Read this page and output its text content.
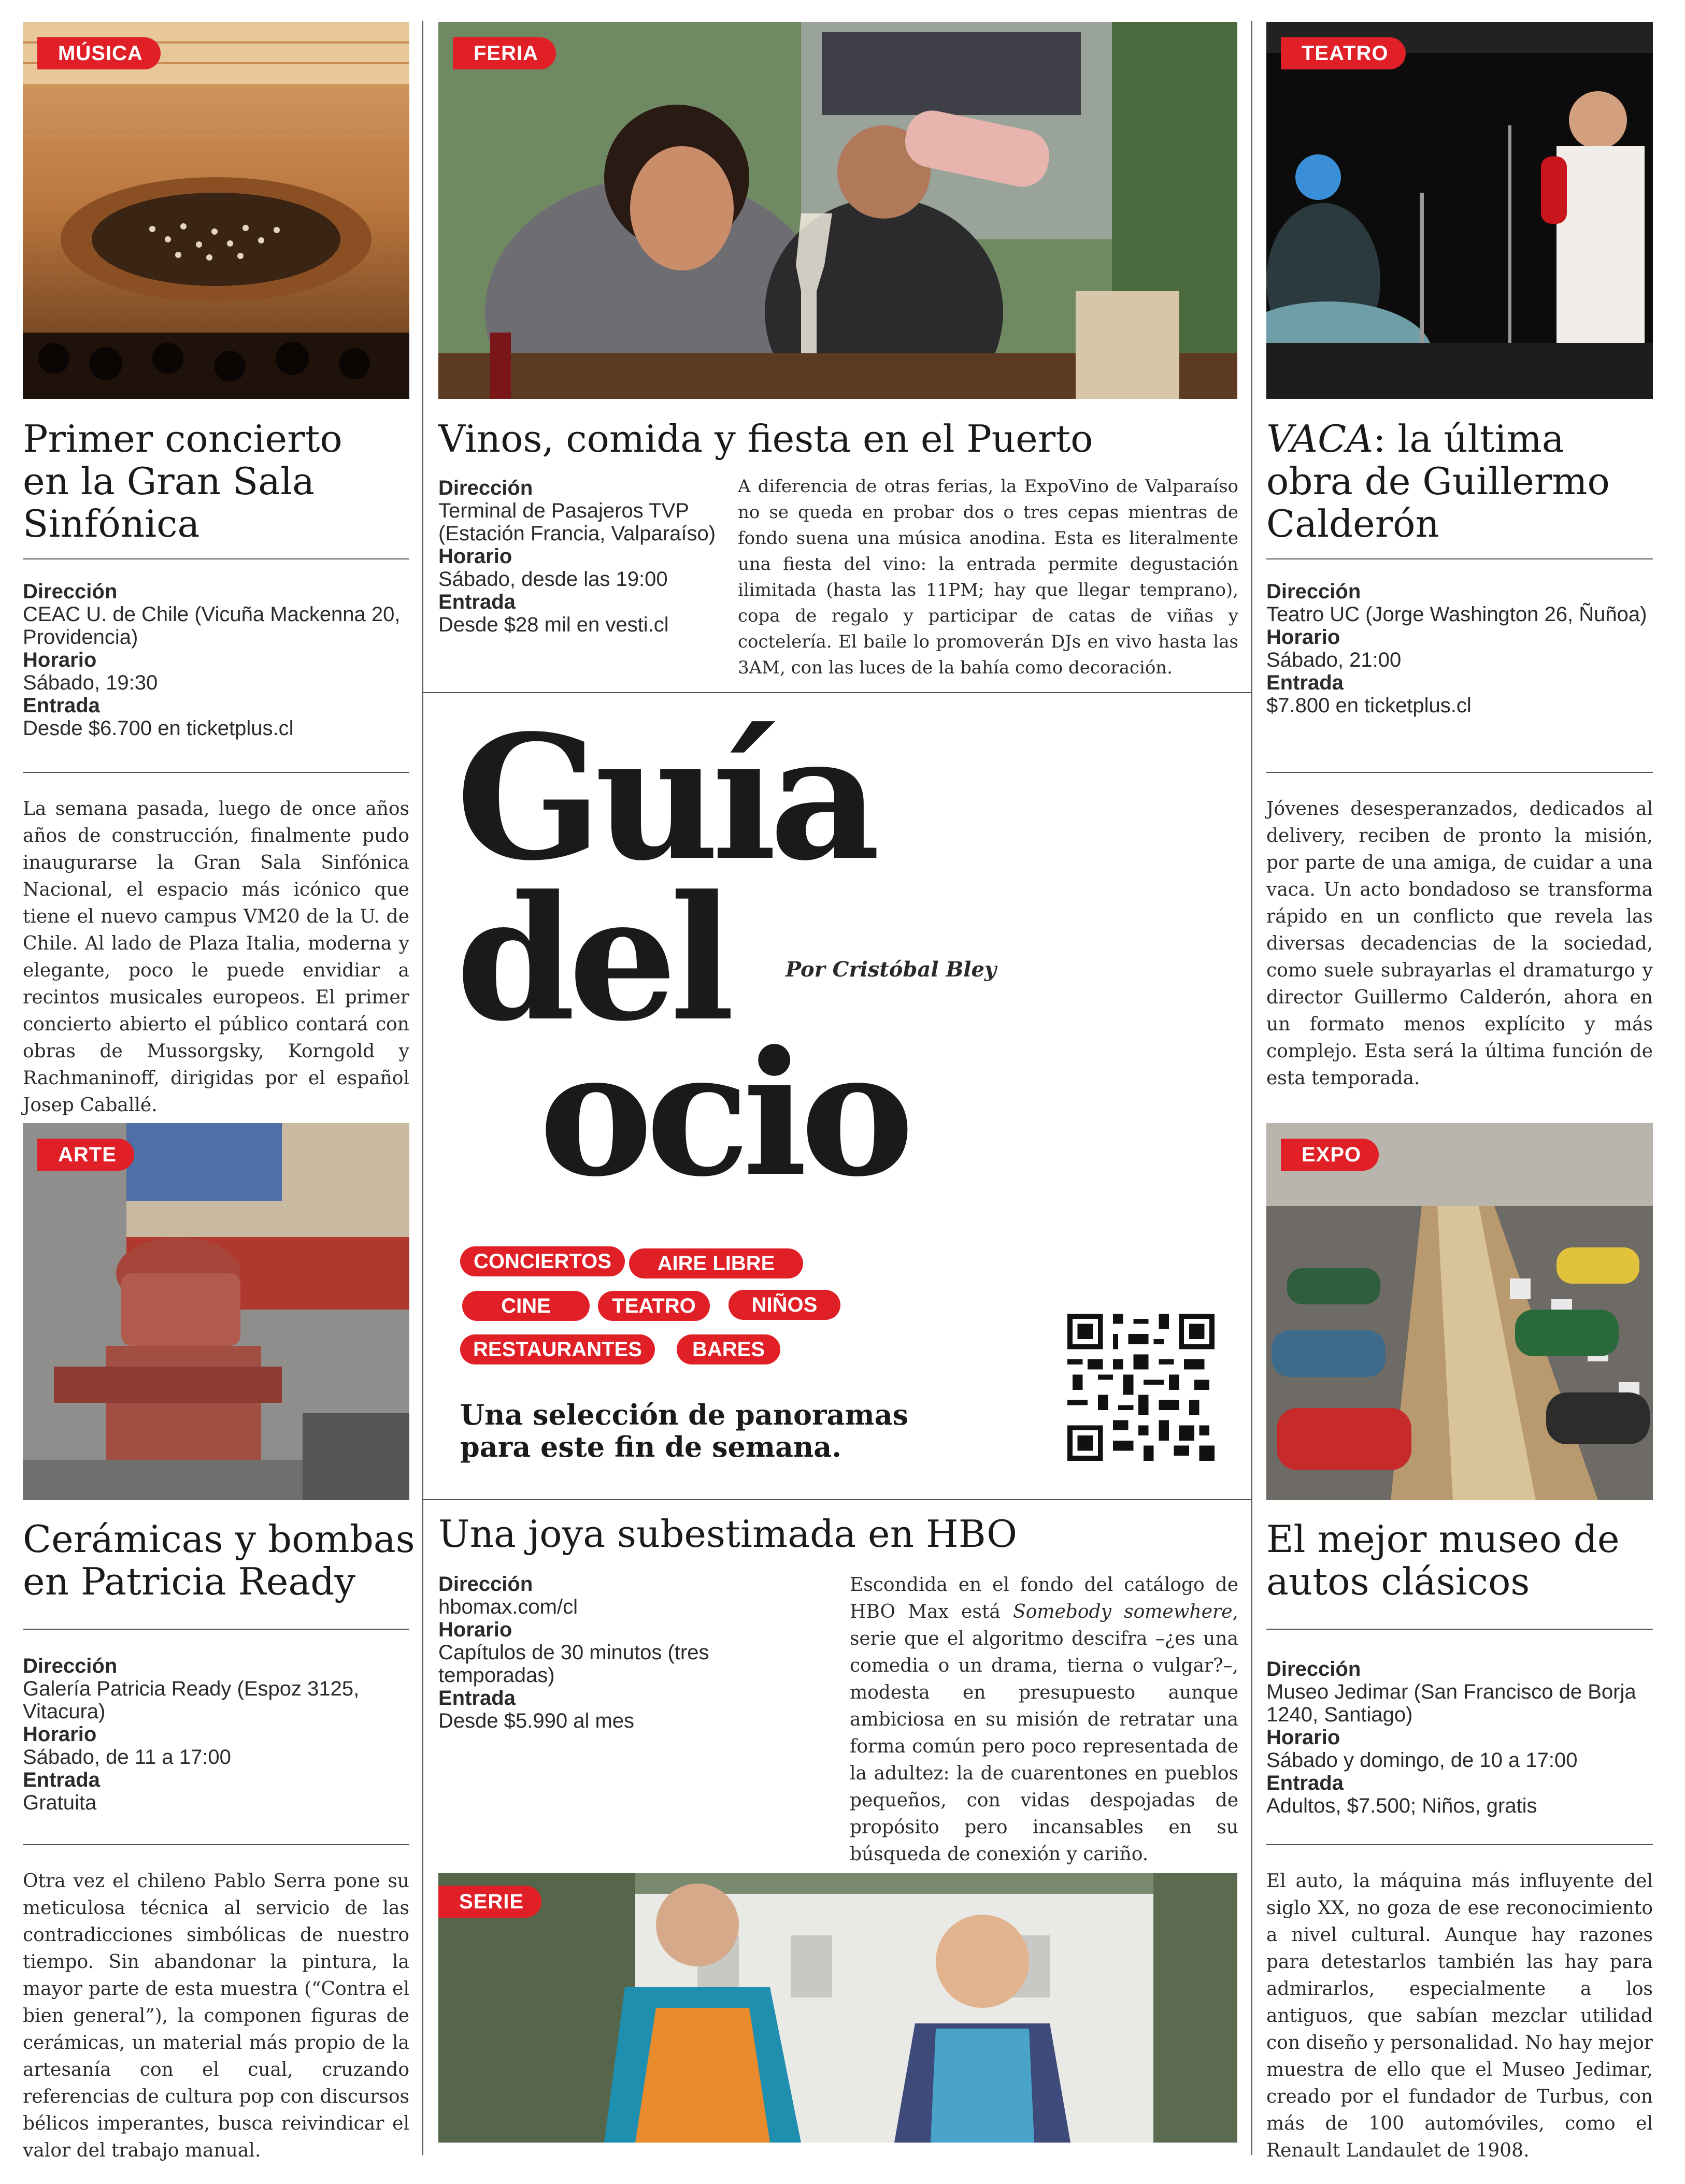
MÚSICA
Primer concierto
en la Gran Sala
Sinfónica
Dirección
CEAC U. de Chile (Vicuña Mackenna 20, Providencia)
Horario
Sábado, 19:30
Entrada
Desde $6.700 en ticketplus.cl

La semana pasada, luego de once años años de construcción, finalmente pudo inaugurarse la Gran Sala Sinfónica Nacional, el espacio más icónico que tiene el nuevo campus VM20 de la U. de Chile. Al lado de Plaza Italia, moderna y elegante, poco le puede envidiar a recintos musicales europeos. El primer concierto abierto el público contará con obras de Mussorgsky, Korngold y Rachmaninoff, dirigidas por el español Josep Caballé.

FERIA
Vinos, comida y fiesta en el Puerto
Dirección
Terminal de Pasajeros TVP (Estación Francia, Valparaíso)
Horario
Sábado, desde las 19:00
Entrada
Desde $28 mil en vesti.cl

A diferencia de otras ferias, la ExpoVino de Valparaíso no se queda en probar dos o tres cepas mientras de fondo suena una música anodina. Esta es literalmente una fiesta del vino: la entrada permite degustación ilimitada (hasta las 11PM; hay que llegar temprano), copa de regalo y participar de catas de viñas y coctelería. El baile lo promoverán DJs en vivo hasta las 3AM, con las luces de la bahía como decoración.

TEATRO
VACA: la última
obra de Guillermo
Calderón
Dirección
Teatro UC (Jorge Washington 26, Ñuñoa)
Horario
Sábado, 21:00
Entrada
$7.800 en ticketplus.cl

Jóvenes desesperanzados, dedicados al delivery, reciben de pronto la misión, por parte de una amiga, de cuidar a una vaca. Un acto bondadoso se transforma rápido en un conflicto que revela las diversas decadencias de la sociedad, como suele subrayarlas el dramaturgo y director Guillermo Calderón, ahora en un formato menos explícito y más complejo. Esta será la última función de esta temporada.

Guía
del
ocio
Por Cristóbal Bley
CONCIERTOS	AIRE LIBRE
CINE	TEATRO	NIÑOS
RESTAURANTES	BARES
Una selección de panoramas
para este fin de semana.
ARTE
Cerámicas y bombas
en Patricia Ready
Dirección
Galería Patricia Ready (Espoz 3125, Vitacura)
Horario
Sábado, de 11 a 17:00
Entrada
Gratuita

Otra vez el chileno Pablo Serra pone su meticulosa técnica al servicio de las contradicciones simbólicas de nuestro tiempo. Sin abandonar la pintura, la mayor parte de esta muestra (“Contra el bien general”), la componen figuras de cerámicas, un material más propio de la artesanía con el cual, cruzando referencias de cultura pop con discursos bélicos imperantes, busca reivindicar el valor del trabajo manual.

Una joya subestimada en HBO
Dirección
hbomax.com/cl
Horario
Capítulos de 30 minutos (tres temporadas)
Entrada
Desde $5.990 al mes

Escondida en el fondo del catálogo de HBO Max está Somebody somewhere, serie que el algoritmo descifra –¿es una comedia o un drama, tierna o vulgar?–, modesta en presupuesto aunque ambiciosa en su misión de retratar una forma común pero poco representada de la adultez: la de cuarentones en pueblos pequeños, con vidas despojadas de propósito pero incansables en su búsqueda de conexión y cariño.

SERIE
EXPO
El mejor museo de
autos clásicos
Dirección
Museo Jedimar (San Francisco de Borja 1240, Santiago)
Horario
Sábado y domingo, de 10 a 17:00
Entrada
Adultos, $7.500; Niños, gratis

El auto, la máquina más influyente del siglo XX, no goza de ese reconocimiento a nivel cultural. Aunque hay razones para detestarlos también las hay para admirarlos, especialmente a los antiguos, que sabían mezclar utilidad con diseño y personalidad. No hay mejor muestra de ello que el Museo Jedimar, creado por el fundador de Turbus, con más de 100 automóviles, como el Renault Landaulet de 1908.
